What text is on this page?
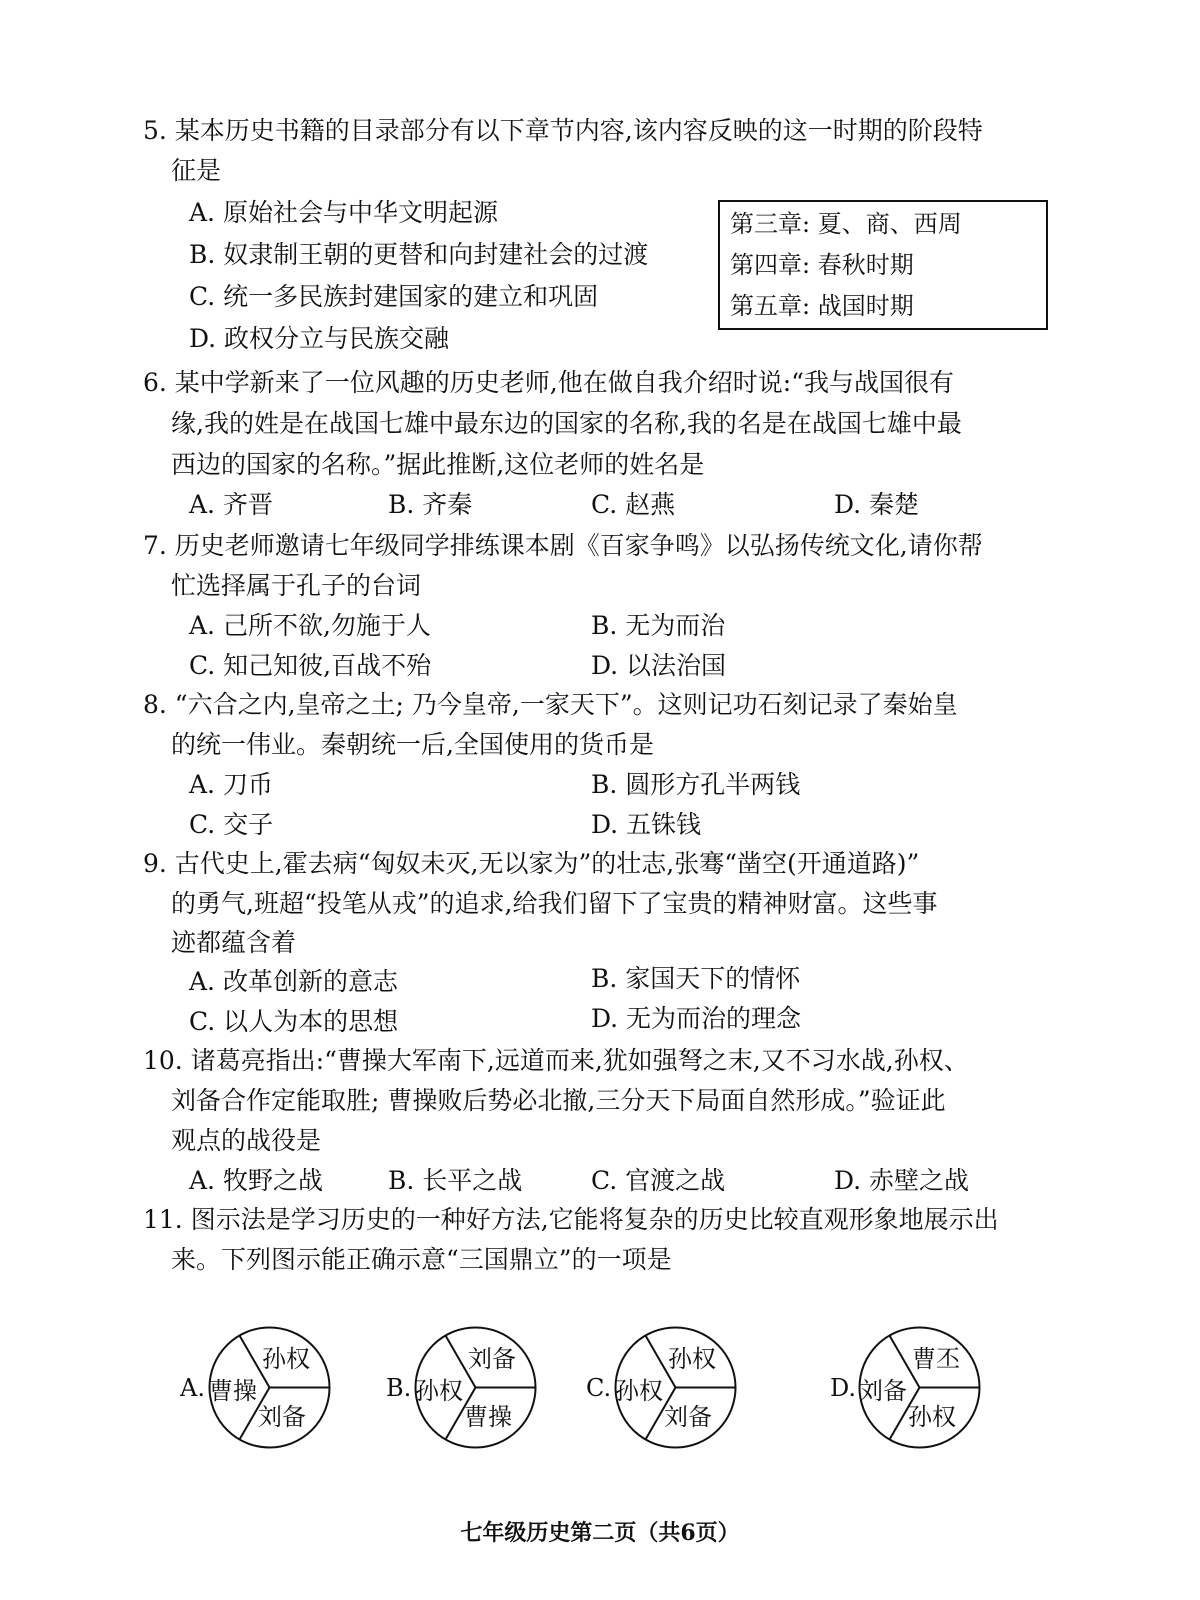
5. 某本历史书籍的目录部分有以下章节内容,该内容反映的这一时期的阶段特
征是
A. 原始社会与中华文明起源
B. 奴隶制王朝的更替和向封建社会的过渡
C. 统一多民族封建国家的建立和巩固
D. 政权分立与民族交融
第三章: 夏、商、西周
第四章: 春秋时期
第五章: 战国时期
6. 某中学新来了一位风趣的历史老师,他在做自我介绍时说:“我与战国很有
缘,我的姓是在战国七雄中最东边的国家的名称,我的名是在战国七雄中最
西边的国家的名称。”据此推断,这位老师的姓名是
A. 齐晋	B. 齐秦	C. 赵燕	D. 秦楚
7. 历史老师邀请七年级同学排练课本剧《百家争鸣》以弘扬传统文化,请你帮
忙选择属于孔子的台词
A. 己所不欲,勿施于人	B. 无为而治
C. 知己知彼,百战不殆	D. 以法治国
8. “六合之内,皇帝之土; 乃今皇帝,一家天下”。这则记功石刻记录了秦始皇
的统一伟业。秦朝统一后,全国使用的货币是
A. 刀币	B. 圆形方孔半两钱
C. 交子	D. 五铢钱
9. 古代史上,霍去病“匈奴未灭,无以家为”的壮志,张骞“凿空(开通道路)”
的勇气,班超“投笔从戎”的追求,给我们留下了宝贵的精神财富。这些事
迹都蕴含着
A. 改革创新的意志	B. 家国天下的情怀
C. 以人为本的思想	D. 无为而治的理念
10. 诸葛亮指出:“曹操大军南下,远道而来,犹如强弩之末,又不习水战,孙权、
刘备合作定能取胜; 曹操败后势必北撤,三分天下局面自然形成。”验证此
观点的战役是
A. 牧野之战	B. 长平之战	C. 官渡之战	D. 赤壁之战
11. 图示法是学习历史的一种好方法,它能将复杂的历史比较直观形象地展示出
来。下列图示能正确示意“三国鼎立”的一项是
A.	B.	C.	D.
曹操
孙权
刘备
孙权
刘备
曹操
孙权
孙权
刘备
刘备
曹丕
孙权
七年级历史第二页（共6页）
